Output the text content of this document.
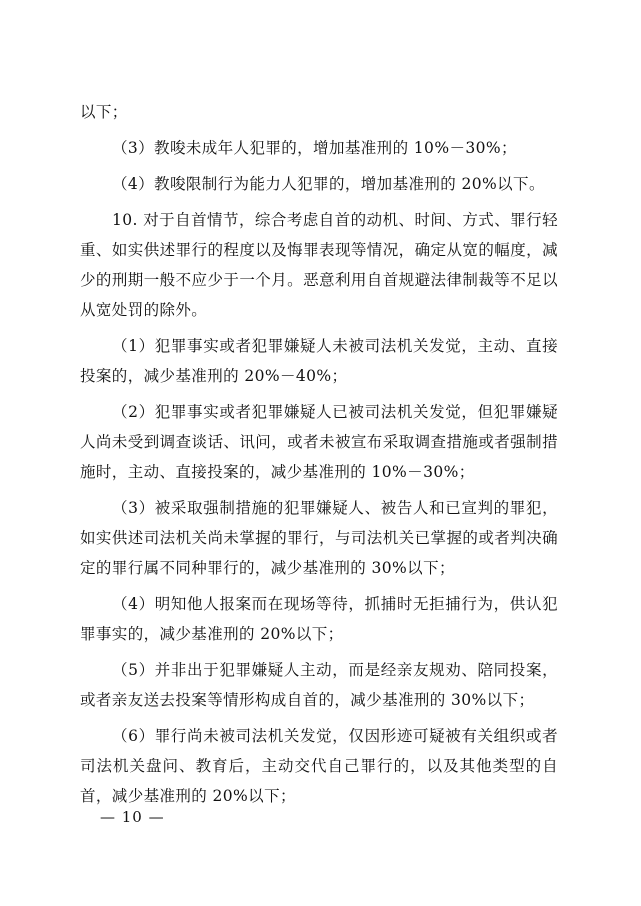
以下；

（3）教唆未成年人犯罪的，增加基准刑的 10%－30%；

（4）教唆限制行为能力人犯罪的，增加基准刑的 20%以下。

10. 对于自首情节，综合考虑自首的动机、时间、方式、罪行轻重、如实供述罪行的程度以及悔罪表现等情况，确定从宽的幅度，减少的刑期一般不应少于一个月。恶意利用自首规避法律制裁等不足以从宽处罚的除外。

（1）犯罪事实或者犯罪嫌疑人未被司法机关发觉，主动、直接投案的，减少基准刑的 20%－40%；

（2）犯罪事实或者犯罪嫌疑人已被司法机关发觉，但犯罪嫌疑人尚未受到调查谈话、讯问，或者未被宣布采取调查措施或者强制措施时，主动、直接投案的，减少基准刑的 10%－30%；

（3）被采取强制措施的犯罪嫌疑人、被告人和已宣判的罪犯，如实供述司法机关尚未掌握的罪行，与司法机关已掌握的或者判决确定的罪行属不同种罪行的，减少基准刑的 30%以下；

（4）明知他人报案而在现场等待，抓捕时无拒捕行为，供认犯罪事实的，减少基准刑的 20%以下；

（5）并非出于犯罪嫌疑人主动，而是经亲友规劝、陪同投案，或者亲友送去投案等情形构成自首的，减少基准刑的 30%以下；

（6）罪行尚未被司法机关发觉，仅因形迹可疑被有关组织或者司法机关盘问、教育后，主动交代自己罪行的，以及其他类型的自首，减少基准刑的 20%以下；

— 10 —
